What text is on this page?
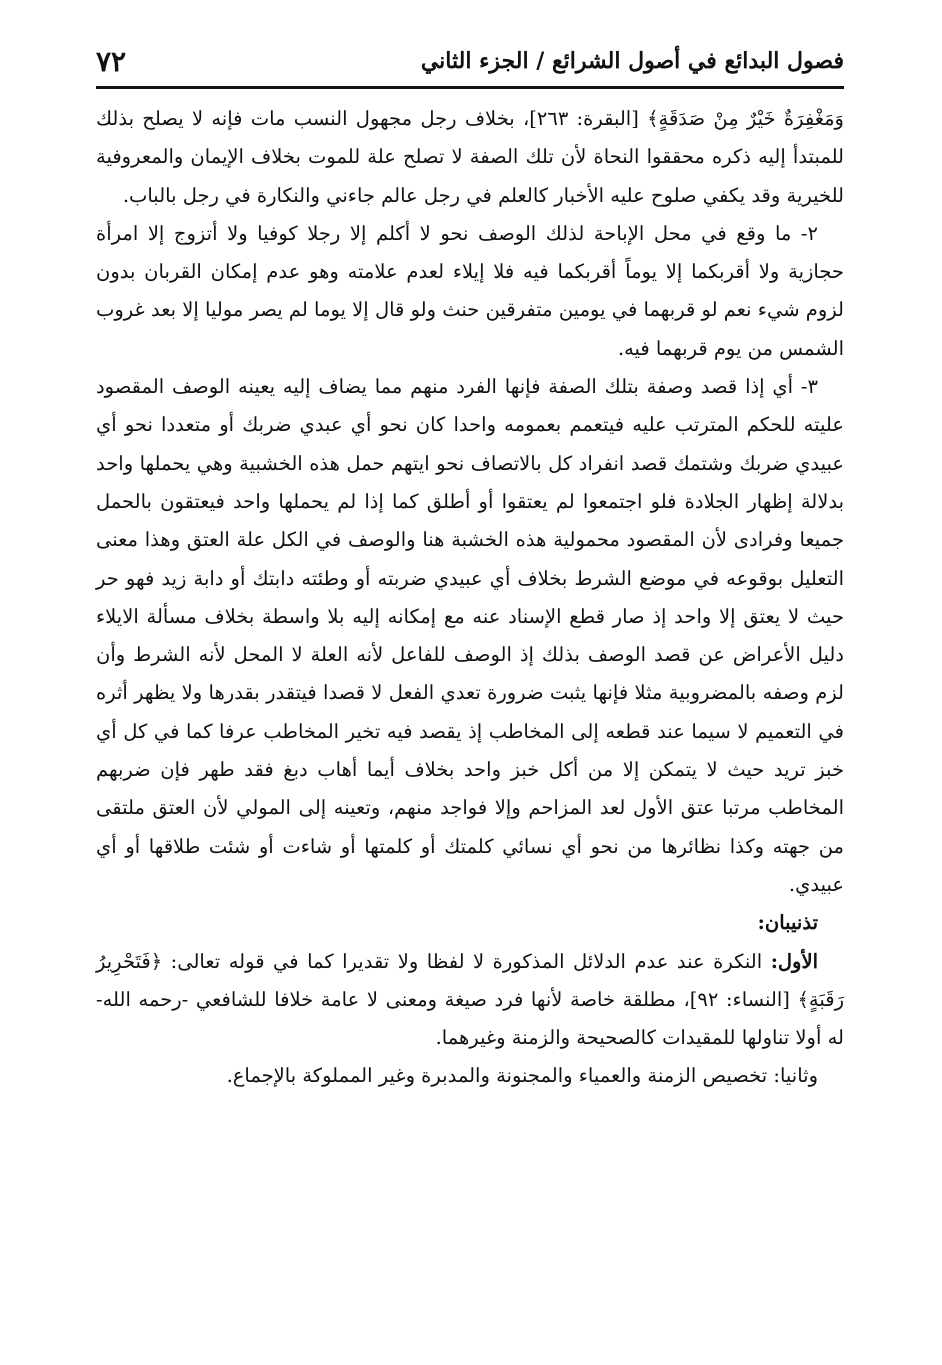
فصول البدائع في أصول الشرائع / الجزء الثاني
٧٢

وَمَغْفِرَةٌ خَيْرٌ مِنْ صَدَقَةٍ﴾ [البقرة: ٢٦٣]، بخلاف رجل مجهول النسب مات فإنه لا يصلح بذلك للمبتدأ إليه ذكره محققوا النحاة لأن تلك الصفة لا تصلح علة للموت بخلاف الإيمان والمعروفية للخيرية وقد يكفي صلوح عليه الأخبار كالعلم في رجل عالم جاءني والنكارة في رجل بالباب.

٢- ما وقع في محل الإباحة لذلك الوصف نحو لا أكلم إلا رجلا كوفيا ولا أتزوج إلا امرأة حجازية ولا أقربكما إلا يوماً أقربكما فيه فلا إيلاء لعدم علامته وهو عدم إمكان القربان بدون لزوم شيء نعم لو قربهما في يومين متفرقين حنث ولو قال إلا يوما لم يصر موليا إلا بعد غروب الشمس من يوم قربهما فيه.

٣- أي إذا قصد وصفة بتلك الصفة فإنها الفرد منهم مما يضاف إليه يعينه الوصف المقصود عليته للحكم المترتب عليه فيتعمم بعمومه واحدا كان نحو أي عبدي ضربك أو متعددا نحو أي عبيدي ضربك وشتمك قصد انفراد كل بالاتصاف نحو ايتهم حمل هذه الخشبية وهي يحملها واحد بدلالة إظهار الجلادة فلو اجتمعوا لم يعتقوا أو أطلق كما إذا لم يحملها واحد فيعتقون بالحمل جميعا وفرادى لأن المقصود محمولية هذه الخشبة هنا والوصف في الكل علة العتق وهذا معنى التعليل بوقوعه في موضع الشرط بخلاف أي عبيدي ضربته أو وطئته دابتك أو دابة زيد فهو حر حيث لا يعتق إلا واحد إذ صار قطع الإسناد عنه مع إمكانه إليه بلا واسطة بخلاف مسألة الايلاء دليل الأعراض عن قصد الوصف بذلك إذ الوصف للفاعل لأنه العلة لا المحل لأنه الشرط وأن لزم وصفه بالمضروبية مثلا فإنها يثبت ضرورة تعدي الفعل لا قصدا فيتقدر بقدرها ولا يظهر أثره في التعميم لا سيما عند قطعه إلى المخاطب إذ يقصد فيه تخير المخاطب عرفا كما في كل أي خبز تريد حيث لا يتمكن إلا من أكل خبز واحد بخلاف أيما أهاب دبغ فقد طهر فإن ضربهم المخاطب مرتبا عتق الأول لعد المزاحم وإلا فواجد منهم، وتعينه إلى المولي لأن العتق ملتقى من جهته وكذا نظائرها من نحو أي نسائي كلمتك أو كلمتها أو شاءت أو شئت طلاقها أو أي عبيدي.

تذنيبان:

الأول: النكرة عند عدم الدلائل المذكورة لا لفظا ولا تقديرا كما في قوله تعالى: ﴿فَتَحْرِيرُ رَقَبَةٍ﴾ [النساء: ٩٢]، مطلقة خاصة لأنها فرد صيغة ومعنى لا عامة خلافا للشافعي -رحمه الله- له أولا تناولها للمقيدات كالصحيحة والزمنة وغيرهما.

وثانيا: تخصيص الزمنة والعمياء والمجنونة والمدبرة وغير المملوكة بالإجماع.
